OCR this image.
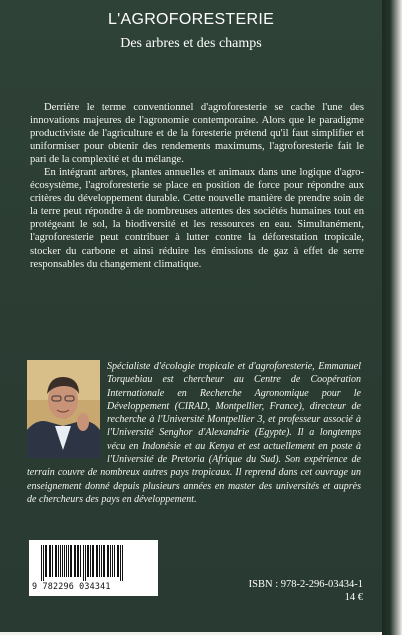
L'AGROFORESTERIE
Des arbres et des champs

Derrière le terme conventionnel d'agroforesterie se cache l'une des innovations majeures de l'agronomie contemporaine. Alors que le paradigme productiviste de l'agriculture et de la foresterie prétend qu'il faut simplifier et uniformiser pour obtenir des rendements maximums, l'agroforesterie fait le pari de la complexité et du mélange.

En intégrant arbres, plantes annuelles et animaux dans une logique d'agro-écosystème, l'agroforesterie se place en position de force pour répondre aux critères du développement durable. Cette nouvelle manière de prendre soin de la terre peut répondre à de nombreuses attentes des sociétés humaines tout en protégeant le sol, la biodiversité et les ressources en eau. Simultanément, l'agroforesterie peut contribuer à lutter contre la déforestation tropicale, stocker du carbone et ainsi réduire les émissions de gaz à effet de serre responsables du changement climatique.

Spécialiste d'écologie tropicale et d'agroforesterie, Emmanuel Torquebiau est chercheur au Centre de Coopération Internationale en Recherche Agronomique pour le Développement (CIRAD, Montpellier, France), directeur de recherche à l'Université Montpellier 3, et professeur associé à l'Université Senghor d'Alexandrie (Egypte). Il a longtemps vécu en Indonésie et au Kenya et est actuellement en poste à l'Université de Pretoria (Afrique du Sud). Son expérience de terrain couvre de nombreux autres pays tropicaux. Il reprend dans cet ouvrage un enseignement donné depuis plusieurs années en master des universités et auprès de chercheurs des pays en développement.
9 782296 034341	ISBN : 978-2-296-03434-1
14 €
